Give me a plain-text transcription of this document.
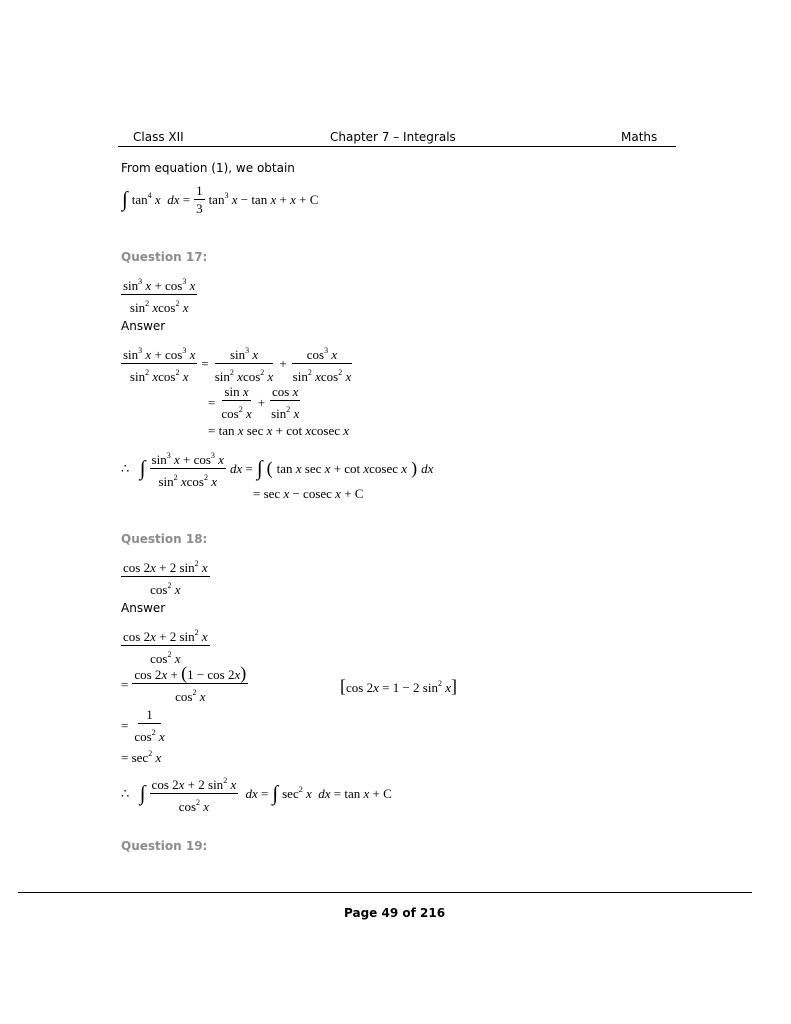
Class XII	Chapter 7 – Integrals	Maths
From equation (1), we obtain
∫ $\tan^4 x$ dx = $\frac{1}{3} \tan^3 x - \tan x + x + C$
Question 17:
$\frac{\sin^3 x + \cos^3 x}{\sin^2 xcos^2 x}$
Answer
$\frac{\sin^3 x + \cos^3 x}{\sin^2 xcos^2 x} = \frac{\sin^3 x}{\sin^2 xcos^2 x} + \frac{\cos^3 x}{\sin^2 xcos^2 x}$
= $\frac{\text{sin x}}{\cos^2 x} + \frac{\text{cos x}}{\sin^2 x}$
= tan x sec x + cot xcosec x
∴ ∫ $\frac{\sin^3 x + \cos^3 x}{\sin^2 xcos^2 x}$ dx = ∫ ( tan x sec x + cot xcosec x ) dx
= sec x − cosec x + C
Question 18:
$\frac{\cos 2x + 2 \sin^2 x}{\cos^2 x}$
Answer
$\frac{\cos 2x + 2 \sin^2 x}{\cos^2 x}$
= $\frac{\cos 2x + (1 - \cos 2x)}{\cos^2 x}$	[cos 2x = 1 − 2 $\sin^2 x$]
= $\frac{1}{\cos^2 x}$
= $\sec^2 x$
∴ ∫ $\frac{\cos 2x + 2 \sin^2 x}{\cos^2 x}$ dx = ∫ $\sec^2 x$ dx = tan x + C
Question 19:
Page 49 of 216
